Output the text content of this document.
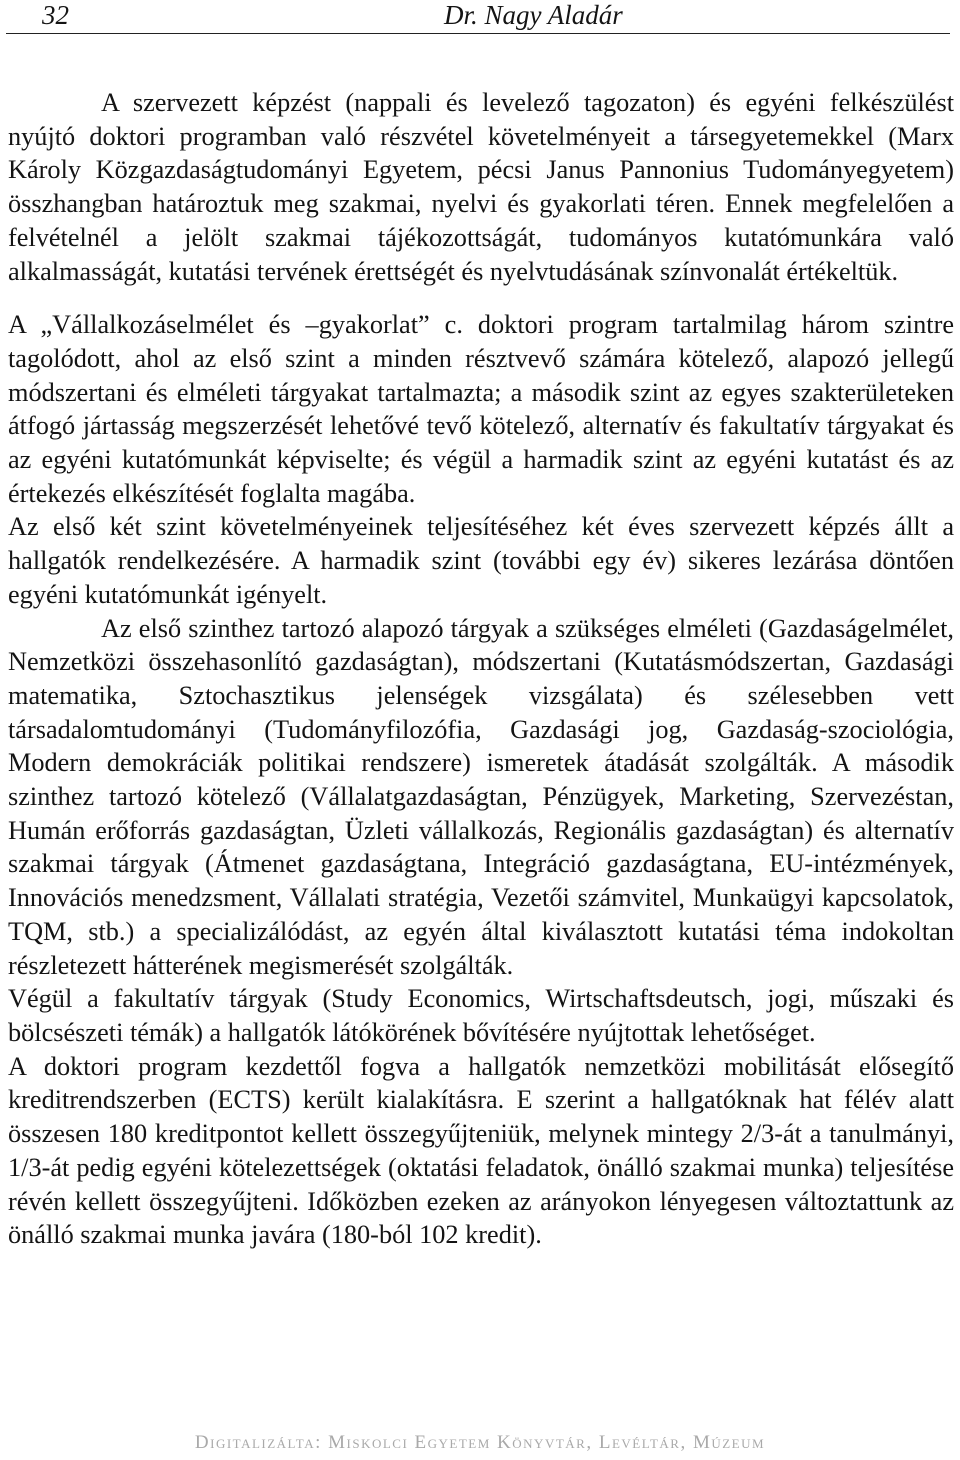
32	Dr. Nagy Aladár

A szervezett képzést (nappali és levelező tagozaton) és egyéni felkészülést nyújtó doktori programban való részvétel követelményeit a társegyetemekkel (Marx Károly Közgazdaságtudományi Egyetem, pécsi Janus Pannonius Tudományegyetem) összhangban határoztuk meg szakmai, nyelvi és gyakorlati téren. Ennek megfelelően a felvételnél a jelölt szakmai tájékozottságát, tudományos kutatómunkára való alkalmasságát, kutatási tervének érettségét és nyelvtudásának színvonalát értékeltük.

A „Vállalkozáselmélet és –gyakorlat” c. doktori program tartalmilag három szintre tagolódott, ahol az első szint a minden résztvevő számára kötelező, alapozó jellegű módszertani és elméleti tárgyakat tartalmazta; a második szint az egyes szakterületeken átfogó jártasság megszerzését lehetővé tevő kötelező, alternatív és fakultatív tárgyakat és az egyéni kutatómunkát képviselte; és végül a harmadik szint az egyéni kutatást és az értekezés elkészítését foglalta magába.

Az első két szint követelményeinek teljesítéséhez két éves szervezett képzés állt a hallgatók rendelkezésére. A harmadik szint (további egy év) sikeres lezárása döntően egyéni kutatómunkát igényelt.

Az első szinthez tartozó alapozó tárgyak a szükséges elméleti (Gazdaságelmélet, Nemzetközi összehasonlító gazdaságtan), módszertani (Kutatásmódszertan, Gazdasági matematika, Sztochasztikus jelenségek vizsgálata) és szélesebben vett társadalomtudományi (Tudományfilozófia, Gazdasági jog, Gazdaság-szociológia, Modern demokráciák politikai rendszere) ismeretek átadását szolgálták. A második szinthez tartozó kötelező (Vállalatgazdaságtan, Pénzügyek, Marketing, Szervezéstan, Humán erőforrás gazdaságtan, Üzleti vállalkozás, Regionális gazdaságtan) és alternatív szakmai tárgyak (Átmenet gazdaságtana, Integráció gazdaságtana, EU-intézmények, Innovációs menedzsment, Vállalati stratégia, Vezetői számvitel, Munkaügyi kapcsolatok, TQM, stb.) a specializálódást, az egyén által kiválasztott kutatási téma indokoltan részletezett hátterének megismerését szolgálták.

Végül a fakultatív tárgyak (Study Economics, Wirtschaftsdeutsch, jogi, műszaki és bölcsészeti témák) a hallgatók látókörének bővítésére nyújtottak lehetőséget.

A doktori program kezdettől fogva a hallgatók nemzetközi mobilitását elősegítő kreditrendszerben (ECTS) került kialakításra. E szerint a hallgatóknak hat félév alatt összesen 180 kreditpontot kellett összegyűjteniük, melynek mintegy 2/3-át a tanulmányi, 1/3-át pedig egyéni kötelezettségek (oktatási feladatok, önálló szakmai munka) teljesítése révén kellett összegyűjteni. Időközben ezeken az arányokon lényegesen változtattunk az önálló szakmai munka javára (180-ból 102 kredit).

Digitalizálta: Miskolci Egyetem Könyvtár, Levéltár, Múzeum
